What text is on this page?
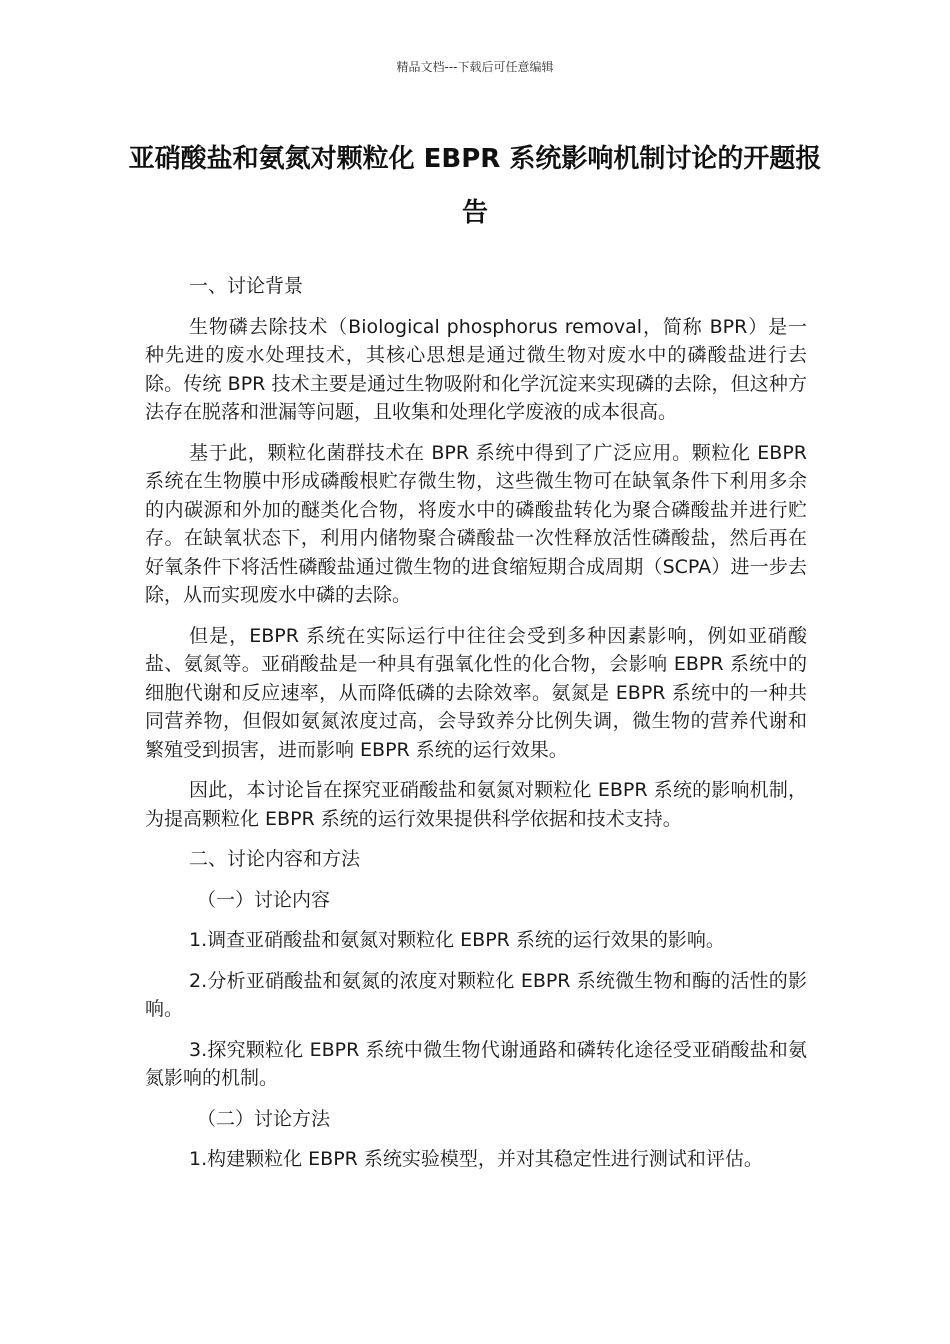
精品文档---下载后可任意编辑
亚硝酸盐和氨氮对颗粒化 EBPR 系统影响机制讨论的开题报告

一、讨论背景

生物磷去除技术（Biological phosphorus removal，简称 BPR）是一种先进的废水处理技术，其核心思想是通过微生物对废水中的磷酸盐进行去除。传统 BPR 技术主要是通过生物吸附和化学沉淀来实现磷的去除，但这种方法存在脱落和泄漏等问题，且收集和处理化学废液的成本很高。

基于此，颗粒化菌群技术在 BPR 系统中得到了广泛应用。颗粒化 EBPR 系统在生物膜中形成磷酸根贮存微生物，这些微生物可在缺氧条件下利用多余的内碳源和外加的醚类化合物，将废水中的磷酸盐转化为聚合磷酸盐并进行贮存。在缺氧状态下，利用内储物聚合磷酸盐一次性释放活性磷酸盐，然后再在好氧条件下将活性磷酸盐通过微生物的进食缩短期合成周期（SCPA）进一步去除，从而实现废水中磷的去除。

但是，EBPR 系统在实际运行中往往会受到多种因素影响，例如亚硝酸盐、氨氮等。亚硝酸盐是一种具有强氧化性的化合物，会影响 EBPR 系统中的细胞代谢和反应速率，从而降低磷的去除效率。氨氮是 EBPR 系统中的一种共同营养物，但假如氨氮浓度过高，会导致养分比例失调，微生物的营养代谢和繁殖受到损害，进而影响 EBPR 系统的运行效果。

因此，本讨论旨在探究亚硝酸盐和氨氮对颗粒化 EBPR 系统的影响机制，为提高颗粒化 EBPR 系统的运行效果提供科学依据和技术支持。

二、讨论内容和方法

（一）讨论内容

1.调查亚硝酸盐和氨氮对颗粒化 EBPR 系统的运行效果的影响。

2.分析亚硝酸盐和氨氮的浓度对颗粒化 EBPR 系统微生物和酶的活性的影响。

3.探究颗粒化 EBPR 系统中微生物代谢通路和磷转化途径受亚硝酸盐和氨氮影响的机制。

（二）讨论方法

1.构建颗粒化 EBPR 系统实验模型，并对其稳定性进行测试和评估。
